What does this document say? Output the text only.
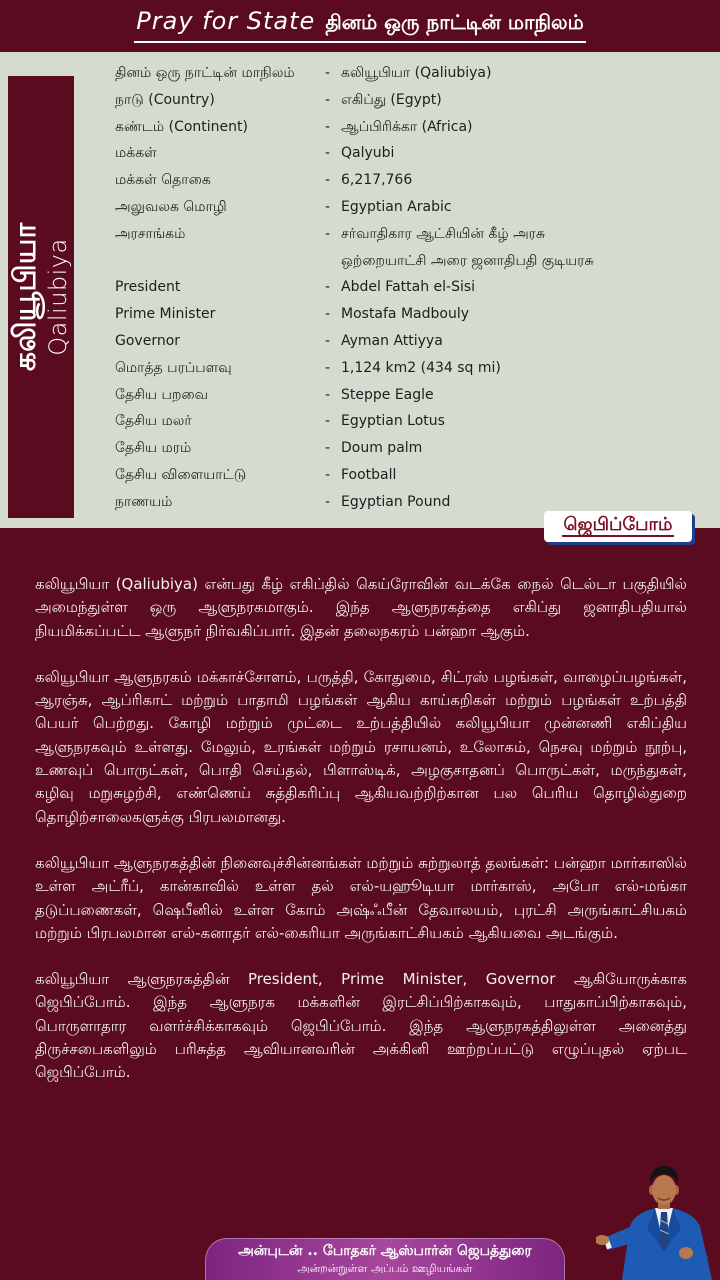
Pray for State தினம் ஒரு நாட்டின் மாநிலம்
கலியூபியா Qaliubiya
தினம் ஒரு நாட்டின் மாநிலம்	- கலியூபியா (Qaliubiya)
நாடு (Country)	- எகிப்து (Egypt)
கண்டம் (Continent)	- ஆப்பிரிக்கா (Africa)
மக்கள்	- Qalyubi
மக்கள் தொகை	- 6,217,766
அலுவலக மொழி	- Egyptian Arabic
அரசாங்கம்	- சர்வாதிகார ஆட்சியின் கீழ் அரசு
ஒற்றையாட்சி அரை ஜனாதிபதி குடியரசு
President	- Abdel Fattah el-Sisi
Prime Minister	- Mostafa Madbouly
Governor	- Ayman Attiyya
மொத்த பரப்பளவு	- 1,124 km2 (434 sq mi)
தேசிய பறவை	- Steppe Eagle
தேசிய மலர்	- Egyptian Lotus
தேசிய மரம்	- Doum palm
தேசிய விளையாட்டு	- Football
நாணயம்	- Egyptian Pound
ஜெபிப்போம்

கலியூபியா (Qaliubiya) என்பது கீழ் எகிப்தில் கெய்ரோவின் வடக்கே நைல் டெல்டா பகுதியில் அமைந்துள்ள ஒரு ஆளுநரகமாகும். இந்த ஆளுநரகத்தை எகிப்து ஜனாதிபதியால் நியமிக்கப்பட்ட ஆளுநர் நிர்வகிப்பார். இதன் தலைநகரம் பன்ஹா ஆகும்.

கலியூபியா ஆளுநரகம் மக்காச்சோளம், பருத்தி, கோதுமை, சிட்ரஸ் பழங்கள், வாழைப்பழங்கள், ஆரஞ்சு, ஆப்ரிகாட் மற்றும் பாதாமி பழங்கள் ஆகிய காய்கறிகள் மற்றும் பழங்கள் உற்பத்தி பெயர் பெற்றது. கோழி மற்றும் முட்டை உற்பத்தியில் கலியூபியா முன்னணி எகிப்திய ஆளுநரகவும் உள்ளது. மேலும், உரங்கள் மற்றும் ரசாயனம், உலோகம், நெசவு மற்றும் நூற்பு, உணவுப் பொருட்கள், பொதி செய்தல், பிளாஸ்டிக், அழகுசாதனப் பொருட்கள், மருந்துகள், கழிவு மறுசுழற்சி, எண்ணெய் சுத்திகரிப்பு ஆகியவற்றிற்கான பல பெரிய தொழில்துறை தொழிற்சாலைகளுக்கு பிரபலமானது.

கலியூபியா ஆளுநரகத்தின் நினைவுச்சின்னங்கள் மற்றும் சுற்றுலாத் தலங்கள்: பன்ஹா மார்காஸில் உள்ள அட்ரீப், கான்காவில் உள்ள தல் எல்-யஹூடியா மார்காஸ், அபோ எல்-மங்கா தடுப்பணைகள், ஷெபீனில் உள்ள கோம் அஷ்ஃபீன் தேவாலயம், புரட்சி அருங்காட்சியகம் மற்றும் பிரபலமான எல்-கனாதர் எல்-கைரியா அருங்காட்சியகம் ஆகியவை அடங்கும்.

கலியூபியா ஆளுநரகத்தின் President, Prime Minister, Governor ஆகியோருக்காக ஜெபிப்போம். இந்த ஆளுநரக மக்களின் இரட்சிப்பிற்காகவும், பாதுகாப்பிற்காகவும், பொருளாதார வளர்ச்சிக்காகவும் ஜெபிப்போம். இந்த ஆளுநரகத்திலுள்ள அனைத்து திருச்சபைகளிலும் பரிசுத்த ஆவியானவரின் அக்கினி ஊற்றப்பட்டு எழுப்புதல் ஏற்பட ஜெபிப்போம்.

அன்புடன் .. போதகர் ஆஸ்பார்ன் ஜெபத்துரை
அன்றன்றுள்ள அப்பம் ஊழியங்கள்
